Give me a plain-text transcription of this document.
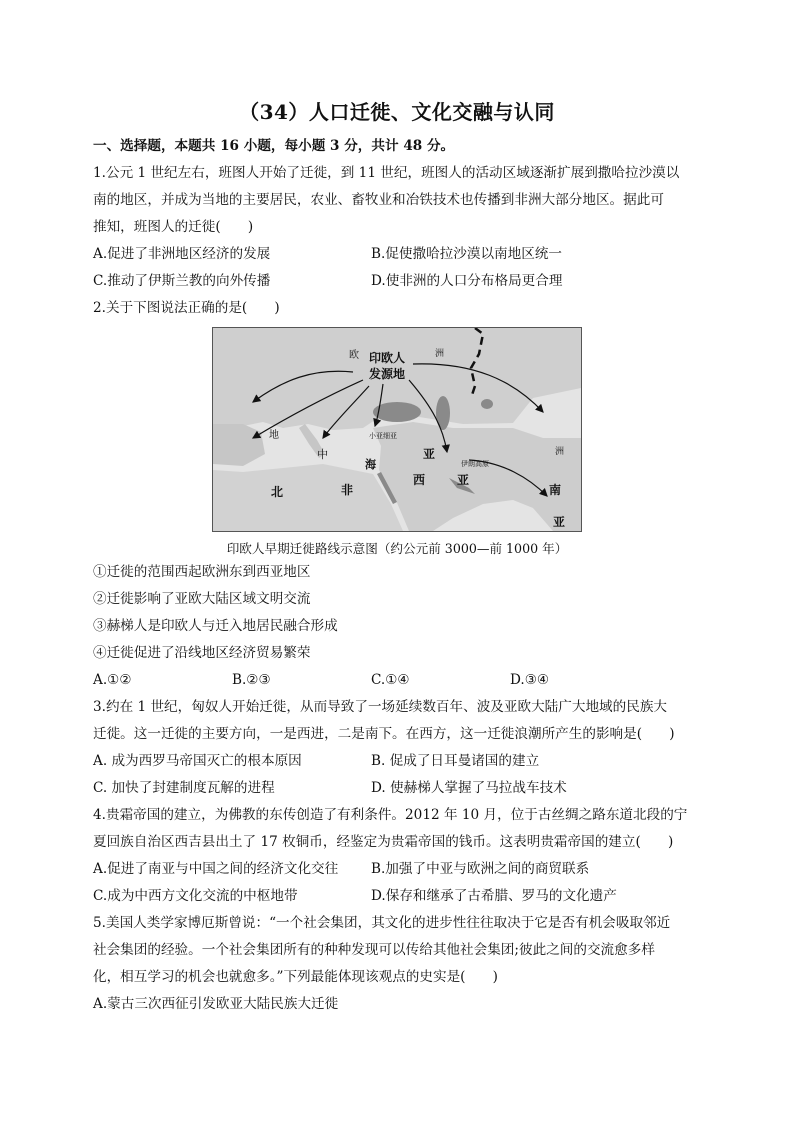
（34）人口迁徙、文化交融与认同
一、选择题，本题共 16 小题，每小题 3 分，共计 48 分。
1.公元 1 世纪左右，班图人开始了迁徙，到 11 世纪，班图人的活动区域逐渐扩展到撒哈拉沙漠以
南的地区，并成为当地的主要居民，农业、畜牧业和冶铁技术也传播到非洲大部分地区。据此可
推知，班图人的迁徙(　　)
A.促进了非洲地区经济的发展	B.促使撒哈拉沙漠以南地区统一
C.推动了伊斯兰教的向外传播	D.使非洲的人口分布格局更合理
2.关于下图说法正确的是(　　)
欧 印欧人
发源地
洲
地
中
小亚细亚
海
亚
伊朗高原
西	亚
洲
北	非	南
亚
印欧人早期迁徙路线示意图（约公元前 3000—前 1000 年）
①迁徙的范围西起欧洲东到西亚地区
②迁徙影响了亚欧大陆区域文明交流
③赫梯人是印欧人与迁入地居民融合形成
④迁徙促进了沿线地区经济贸易繁荣
A.①②	B.②③	C.①④	D.③④
3.约在 1 世纪，匈奴人开始迁徙，从而导致了一场延续数百年、波及亚欧大陆广大地域的民族大
迁徙。这一迁徙的主要方向，一是西进，二是南下。在西方，这一迁徙浪潮所产生的影响是(　　)
A. 成为西罗马帝国灭亡的根本原因	B. 促成了日耳曼诸国的建立
C. 加快了封建制度瓦解的进程	D. 使赫梯人掌握了马拉战车技术
4.贵霜帝国的建立，为佛教的东传创造了有利条件。2012 年 10 月，位于古丝绸之路东道北段的宁
夏回族自治区西吉县出土了 17 枚铜币，经鉴定为贵霜帝国的钱币。这表明贵霜帝国的建立(　　)
A.促进了南亚与中国之间的经济文化交往 B.加强了中亚与欧洲之间的商贸联系
C.成为中西方文化交流的中枢地带	D.保存和继承了古希腊、罗马的文化遗产
5.美国人类学家博厄斯曾说：“一个社会集团，其文化的进步性往往取决于它是否有机会吸取邻近
社会集团的经验。一个社会集团所有的种种发现可以传给其他社会集团;彼此之间的交流愈多样
化，相互学习的机会也就愈多。”下列最能体现该观点的史实是(　　)
A.蒙古三次西征引发欧亚大陆民族大迁徙
